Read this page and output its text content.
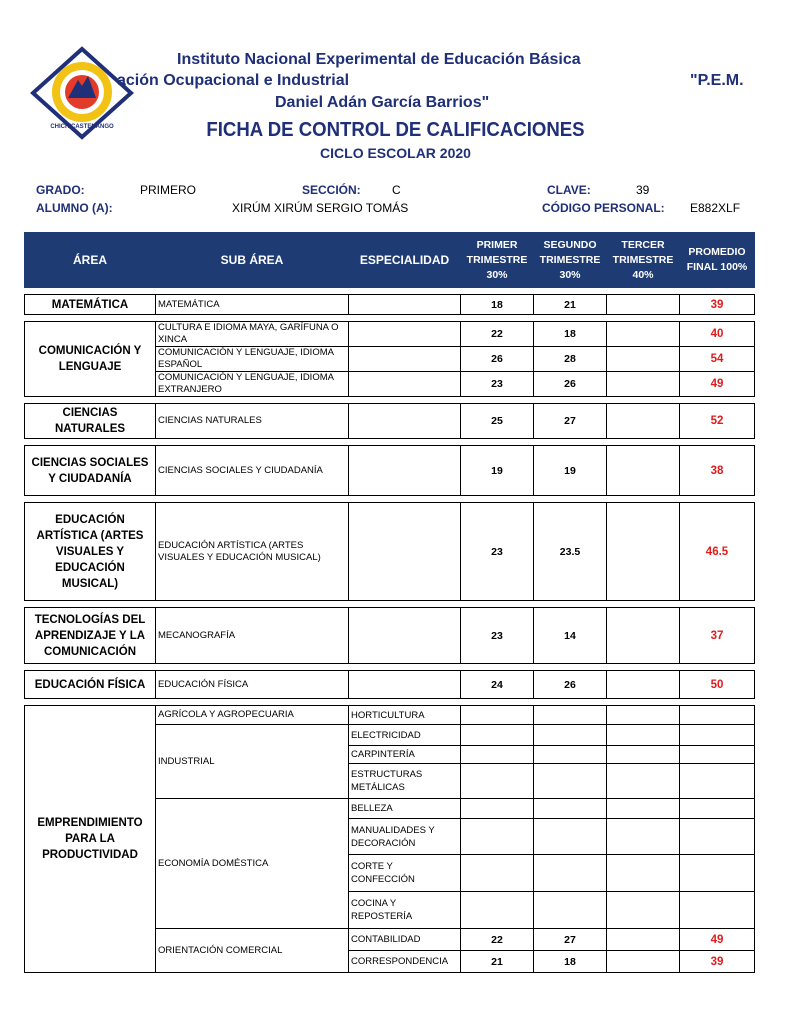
CHICHICASTENANGO
Instituto Nacional Experimental de Educación Básica
ación Ocupacional e Industrial	"P.E.M.
Daniel Adán García Barrios"
FICHA DE CONTROL DE CALIFICACIONES
CICLO ESCOLAR 2020
GRADO:	PRIMERO	SECCIÓN:	C	CLAVE:	39
ALUMNO (A):	XIRÚM XIRÚM SERGIO TOMÁS	CÓDIGO PERSONAL: E882XLF
ÁREA	SUB ÁREA	ESPECIALIDAD	PRIMER TRIMESTRE 30%	SEGUNDO TRIMESTRE 30%	TERCER TRIMESTRE 40%	PROMEDIO FINAL 100%

MATEMÁTICA	MATEMÁTICA		18	21		39

COMUNICACIÓN Y LENGUAJE	CULTURA E IDIOMA MAYA, GARÍFUNA O XINCA		22	18		40
	COMUNICACIÓN Y LENGUAJE, IDIOMA ESPAÑOL		26	28		54
	COMUNICACIÓN Y LENGUAJE, IDIOMA EXTRANJERO		23	26		49

CIENCIAS NATURALES	CIENCIAS NATURALES		25	27		52

CIENCIAS SOCIALES Y CIUDADANÍA	CIENCIAS SOCIALES Y CIUDADANÍA		19	19		38

EDUCACIÓN ARTÍSTICA (ARTES VISUALES Y EDUCACIÓN MUSICAL)	EDUCACIÓN ARTÍSTICA (ARTES VISUALES Y EDUCACIÓN MUSICAL)		23	23.5		46.5

TECNOLOGÍAS DEL APRENDIZAJE Y LA COMUNICACIÓN	MECANOGRAFÍA		23	14		37

EDUCACIÓN FÍSICA	EDUCACIÓN FÍSICA		24	26		50

EMPRENDIMIENTO PARA LA PRODUCTIVIDAD	AGRÍCOLA Y AGROPECUARIA	HORTICULTURA				
	INDUSTRIAL	ELECTRICIDAD				
		CARPINTERÍA				
		ESTRUCTURAS METÁLICAS				
	ECONOMÍA DOMÉSTICA	BELLEZA				
		MANUALIDADES Y DECORACIÓN				
		CORTE Y CONFECCIÓN				
		COCINA Y REPOSTERÍA				
	ORIENTACIÓN COMERCIAL	CONTABILIDAD	22	27		49
		CORRESPONDENCIA	21	18		39
